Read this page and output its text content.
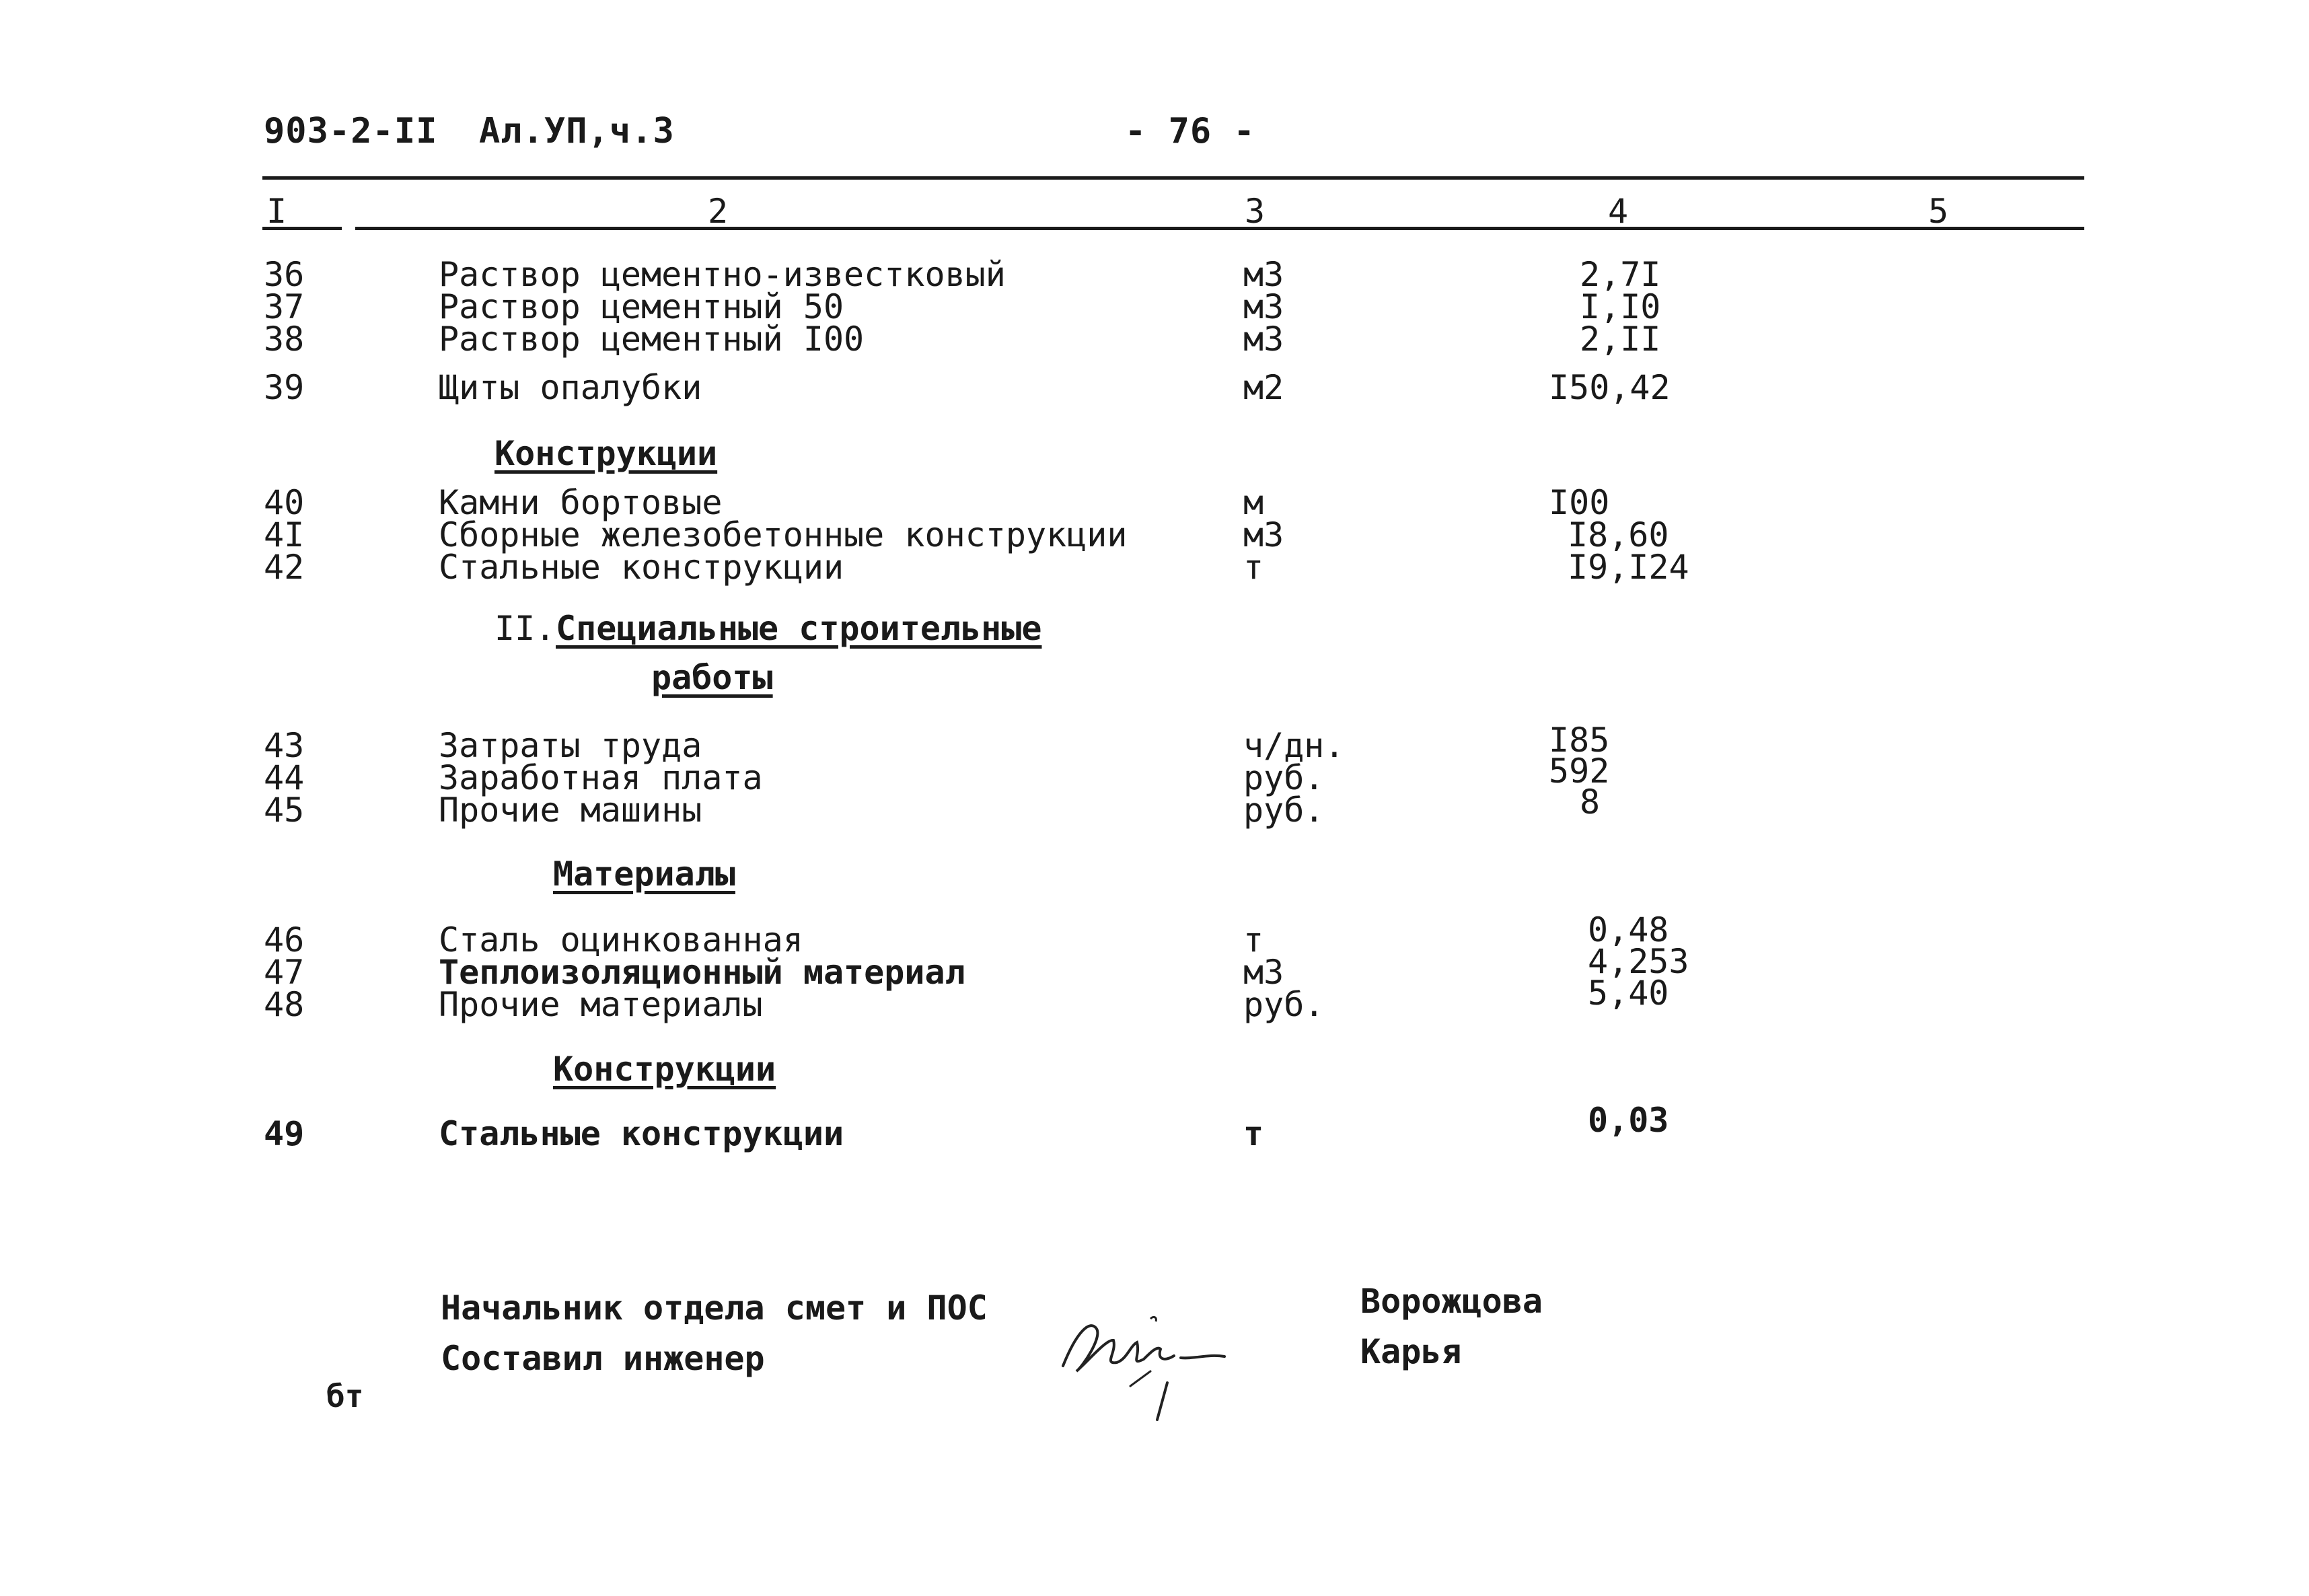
903-2-II Ал.УП,ч.3	- 76 -
I	2	3	4	5
36	Раствор цементно-известковый	м3	2,7I
37	Раствор цементный 50	м3	I,I0
38	Раствор цементный I00	м3	2,II
39	Щиты опалубки	м2	I50,42
Конструкции
40	Камни бортовые	м	I00
4I	Сборные железобетонные конструкции	м3	I8,60
42	Стальные конструкции	т	I9,I24
II. Специальные строительные
работы
43	Затраты труда	ч/дн.	I85
44	Заработная плата	руб.	592
45	Прочие машины	руб.	8
Материалы
46	Сталь оцинкованная	т	0,48
47	Теплоизоляционный материал	м3	4,253
48	Прочие материалы	руб.	5,40
Конструкции
49	Стальные конструкции	т	0,03
Начальник отдела смет и ПОС	Ворожцова
Составил инженер	Карья
бт
